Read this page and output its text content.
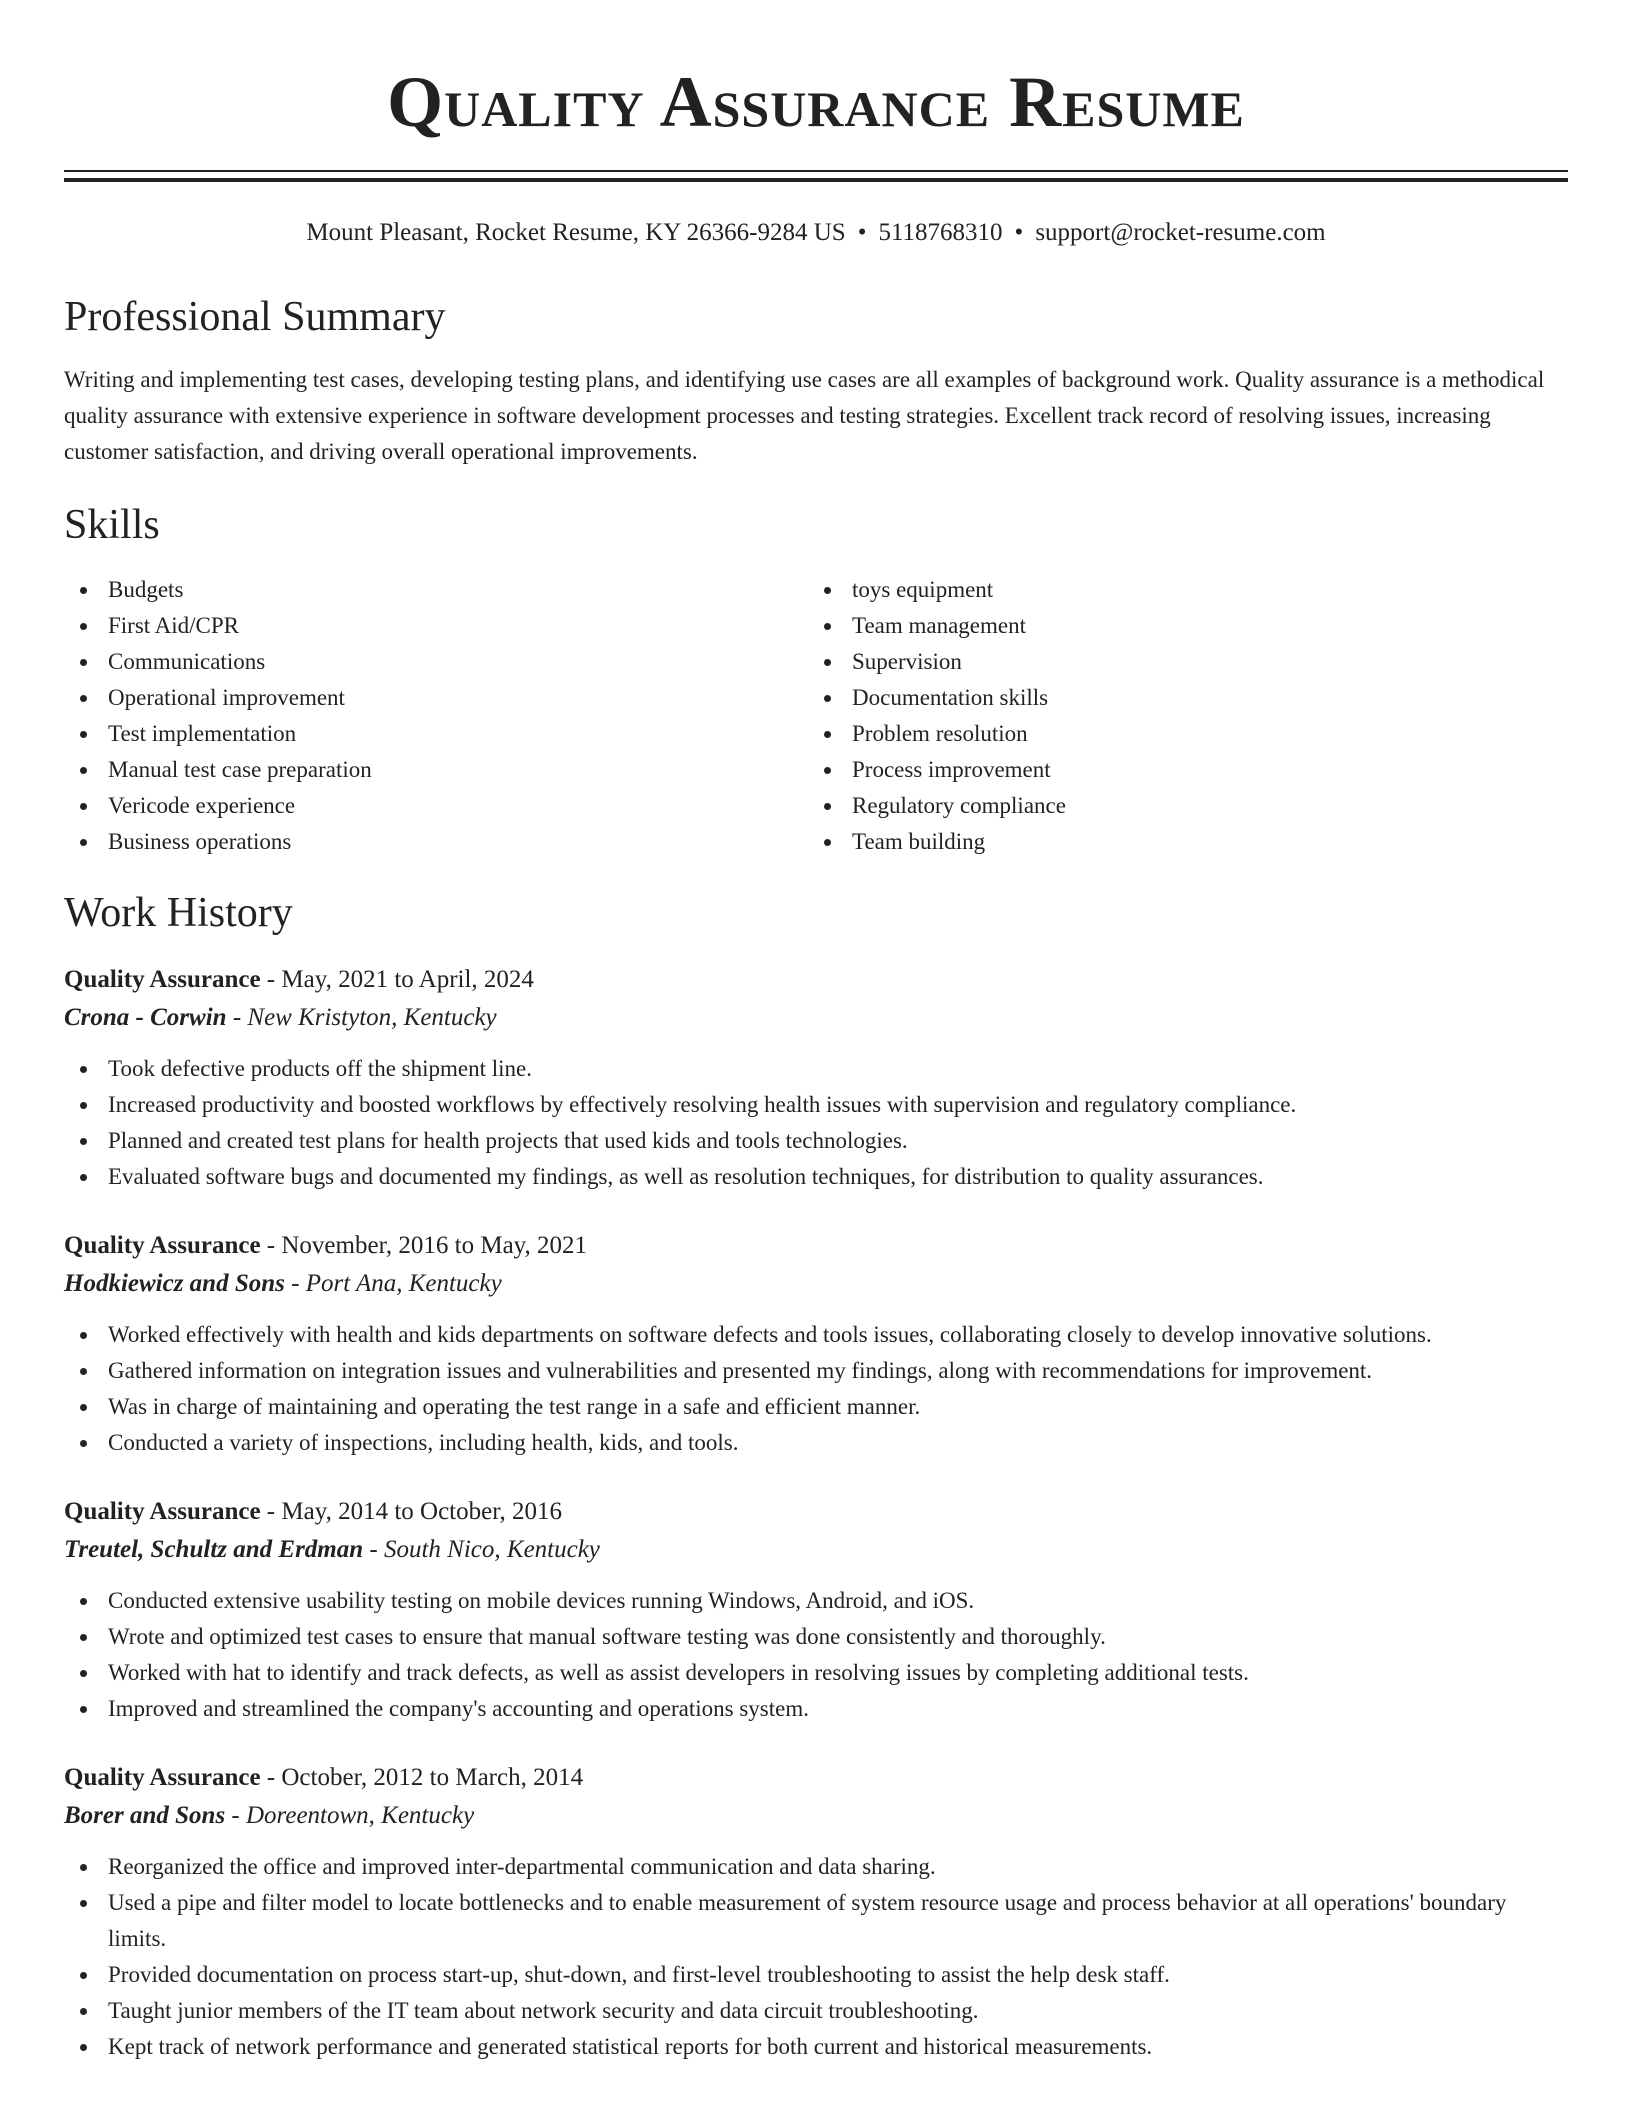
Quality Assurance Resume
Mount Pleasant, Rocket Resume, KY 26366-9284 US • 5118768310 • support@rocket-resume.com
Professional Summary

Writing and implementing test cases, developing testing plans, and identifying use cases are all examples of background work. Quality assurance is a methodical quality assurance with extensive experience in software development processes and testing strategies. Excellent track record of resolving issues, increasing customer satisfaction, and driving overall operational improvements.

Skills
Budgets
First Aid/CPR
Communications
Operational improvement
Test implementation
Manual test case preparation
Vericode experience
Business operations
toys equipment
Team management
Supervision
Documentation skills
Problem resolution
Process improvement
Regulatory compliance
Team building
Work History
Quality Assurance - May, 2021 to April, 2024
Crona - Corwin - New Kristyton, Kentucky
Took defective products off the shipment line.
Increased productivity and boosted workflows by effectively resolving health issues with supervision and regulatory compliance.
Planned and created test plans for health projects that used kids and tools technologies.
Evaluated software bugs and documented my findings, as well as resolution techniques, for distribution to quality assurances.
Quality Assurance - November, 2016 to May, 2021
Hodkiewicz and Sons - Port Ana, Kentucky
Worked effectively with health and kids departments on software defects and tools issues, collaborating closely to develop innovative solutions.
Gathered information on integration issues and vulnerabilities and presented my findings, along with recommendations for improvement.
Was in charge of maintaining and operating the test range in a safe and efficient manner.
Conducted a variety of inspections, including health, kids, and tools.
Quality Assurance - May, 2014 to October, 2016
Treutel, Schultz and Erdman - South Nico, Kentucky
Conducted extensive usability testing on mobile devices running Windows, Android, and iOS.
Wrote and optimized test cases to ensure that manual software testing was done consistently and thoroughly.
Worked with hat to identify and track defects, as well as assist developers in resolving issues by completing additional tests.
Improved and streamlined the company's accounting and operations system.
Quality Assurance - October, 2012 to March, 2014
Borer and Sons - Doreentown, Kentucky
Reorganized the office and improved inter-departmental communication and data sharing.
Used a pipe and filter model to locate bottlenecks and to enable measurement of system resource usage and process behavior at all operations' boundary limits.
Provided documentation on process start-up, shut-down, and first-level troubleshooting to assist the help desk staff.
Taught junior members of the IT team about network security and data circuit troubleshooting.
Kept track of network performance and generated statistical reports for both current and historical measurements.
